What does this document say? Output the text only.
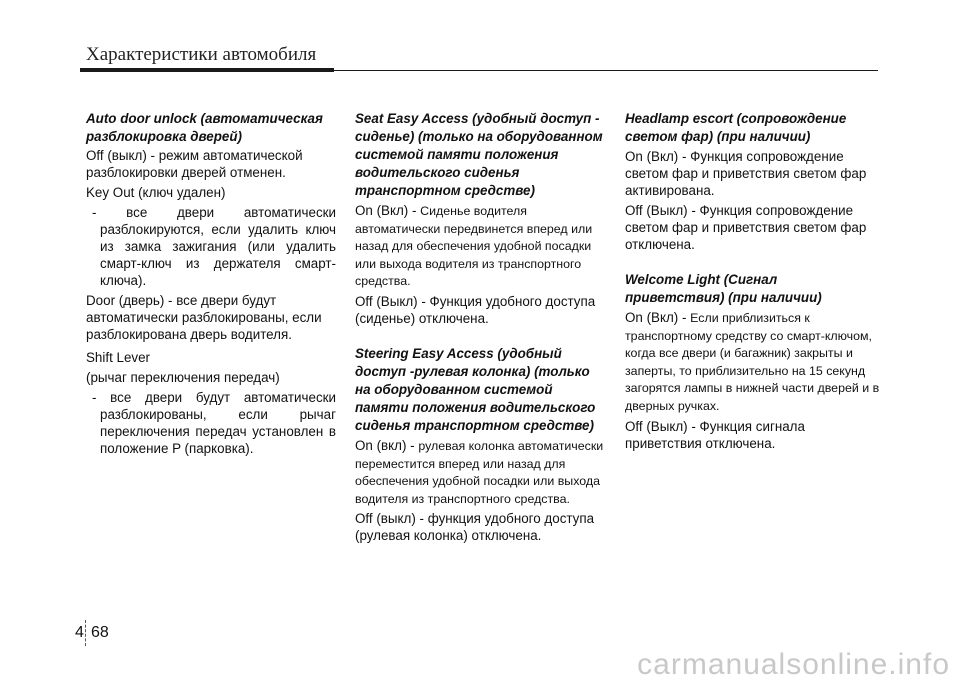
Характеристики автомобиля

Auto door unlock (автоматическая разблокировка дверей)

Off (выкл) - режим автоматической разблокировки дверей отменен.

Key Out (ключ удален)

- все двери автоматически разблокируются, если удалить ключ из замка зажигания (или удалить смарт-ключ из держателя смарт-ключа).

Door (дверь) - все двери будут автоматически разблокированы, если разблокирована дверь водителя.

Shift Lever

(рычаг переключения передач)

- все двери будут автоматически разблокированы, если рычаг переключения передач установлен в положение P (парковка).

Seat Easy Access (удобный доступ - сиденье) (только на оборудованном системой памяти положения водительского сиденья транспортном средстве)

On (Вкл) - Сиденье водителя автоматически передвинется вперед или назад для обеспечения удобной посадки или выхода водителя из транспортного средства.
Off (Выкл) - Функция удобного доступа (сиденье) отключена.

Steering Easy Access (удобный доступ -рулевая колонка) (только на оборудованном системой памяти положения водительского сиденья транспортном средстве)

On (вкл) - рулевая колонка автоматически переместится вперед или назад для обеспечения удобной посадки или выхода водителя из транспортного средства.
Off (выкл) - функция удобного доступа (рулевая колонка) отключена.

Headlamp escort (сопровождение светом фар) (при наличии)

On (Вкл) - Функция сопровождение светом фар и приветствия светом фар активирована.
Off (Выкл) - Функция сопровождение светом фар и приветствия светом фар отключена.

Welcome Light (Сигнал приветствия) (при наличии)

On (Вкл) - Если приблизиться к транспортному средству со смарт-ключом, когда все двери (и багажник) закрыты и заперты, то приблизительно на 15 секунд загорятся лампы в нижней части дверей и в дверных ручках.
Off (Выкл) - Функция сигнала приветствия отключена.
4 68
carmanualsonline.info
